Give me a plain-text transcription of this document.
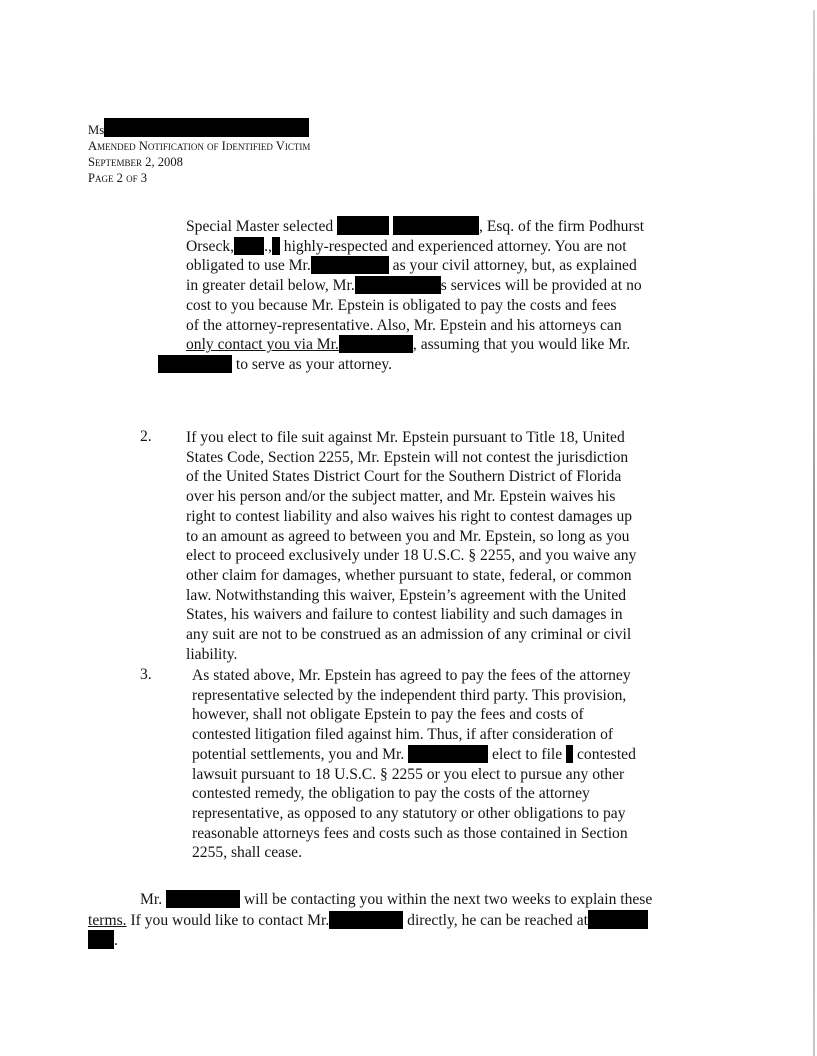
Ms
Amended Notification of Identified Victim
September 2, 2008
Page 2 of 3
Special Master selected	, Esq. of the firm Podhurst
Orseck, ., highly-respected and experienced attorney. You are not
obligated to use Mr.	as your civil attorney, but, as explained
in greater detail below, Mr.	s services will be provided at no
cost to you because Mr. Epstein is obligated to pay the costs and fees
of the attorney-representative. Also, Mr. Epstein and his attorneys can
only contact you via Mr.	, assuming that you would like Mr.
to serve as your attorney.
2. If you elect to file suit against Mr. Epstein pursuant to Title 18, United
States Code, Section 2255, Mr. Epstein will not contest the jurisdiction
of the United States District Court for the Southern District of Florida
over his person and/or the subject matter, and Mr. Epstein waives his
right to contest liability and also waives his right to contest damages up
to an amount as agreed to between you and Mr. Epstein, so long as you
elect to proceed exclusively under 18 U.S.C. § 2255, and you waive any
other claim for damages, whether pursuant to state, federal, or common
law. Notwithstanding this waiver, Epstein’s agreement with the United
States, his waivers and failure to contest liability and such damages in
any suit are not to be construed as an admission of any criminal or civil
liability.
3.	As stated above, Mr. Epstein has agreed to pay the fees of the attorney
representative selected by the independent third party. This provision,
however, shall not obligate Epstein to pay the fees and costs of
contested litigation filed against him. Thus, if after consideration of
potential settlements, you and Mr.	elect to file contested
lawsuit pursuant to 18 U.S.C. § 2255 or you elect to pursue any other
contested remedy, the obligation to pay the costs of the attorney
representative, as opposed to any statutory or other obligations to pay
reasonable attorneys fees and costs such as those contained in Section
2255, shall cease.
Mr.	will be contacting you within the next two weeks to explain these
terms. If you would like to contact Mr.	directly, he can be reached at
.
